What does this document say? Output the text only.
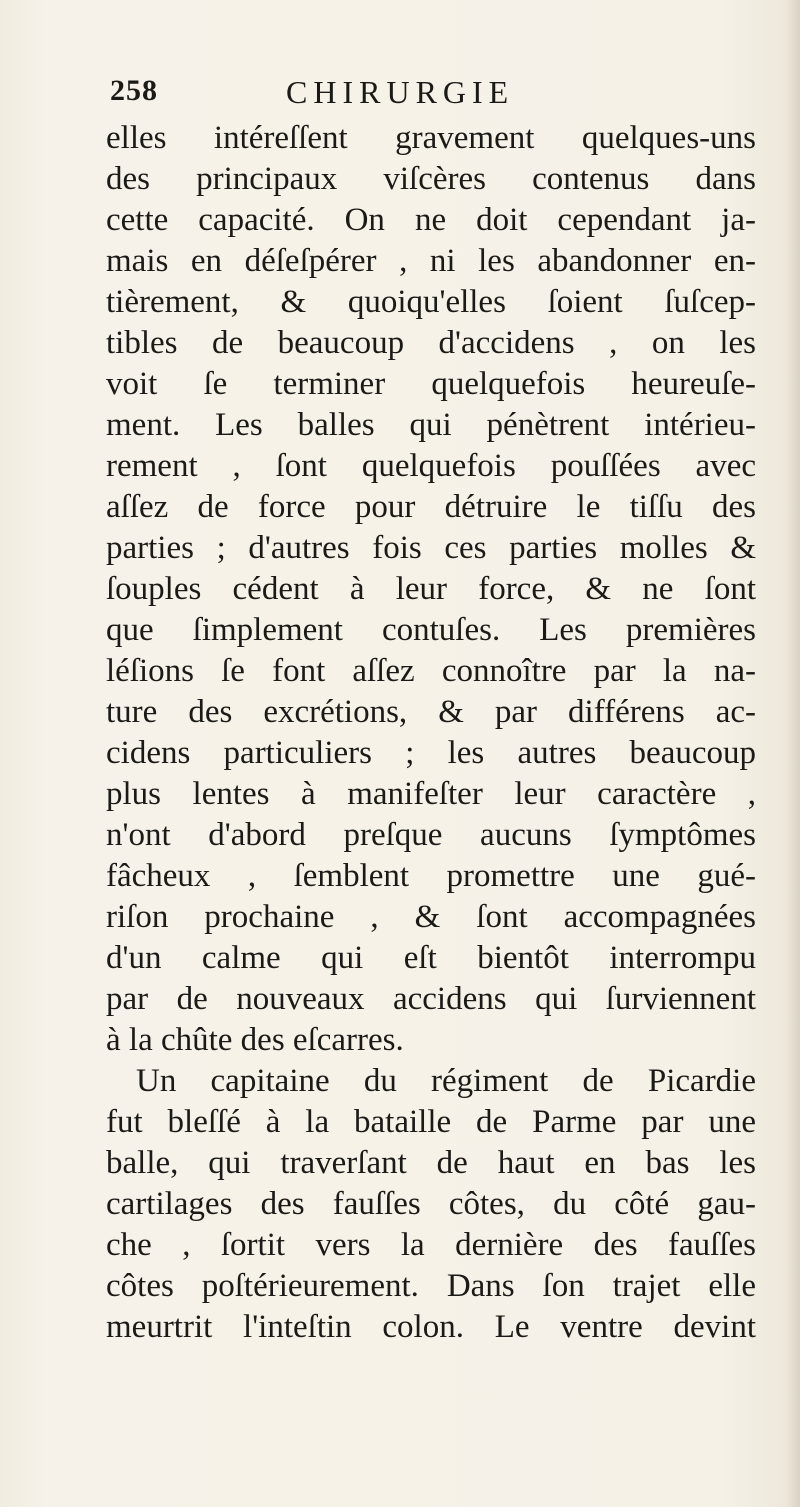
258	CHIRURGIE
elles intéreſſent gravement quelques-uns
des principaux viſcères contenus dans
cette capacité. On ne doit cependant ja-
mais en déſeſpérer , ni les abandonner en-
tièrement, & quoiqu'elles ſoient ſuſcep-
tibles de beaucoup d'accidens , on les
voit ſe terminer quelquefois heureuſe-
ment. Les balles qui pénètrent intérieu-
rement , ſont quelquefois pouſſées avec
aſſez de force pour détruire le tiſſu des
parties ; d'autres fois ces parties molles &
ſouples cédent à leur force, & ne ſont
que ſimplement contuſes. Les premières
léſions ſe font aſſez connoître par la na-
ture des excrétions, & par différens ac-
cidens particuliers ; les autres beaucoup
plus lentes à manifeſter leur caractère ,
n'ont d'abord preſque aucuns ſymptômes
fâcheux , ſemblent promettre une gué-
riſon prochaine , & ſont accompagnées
d'un calme qui eſt bientôt interrompu
par de nouveaux accidens qui ſurviennent
à la chûte des eſcarres.
Un capitaine du régiment de Picardie
fut bleſſé à la bataille de Parme par une
balle, qui traverſant de haut en bas les
cartilages des fauſſes côtes, du côté gau-
che , ſortit vers la dernière des fauſſes
côtes poſtérieurement. Dans ſon trajet elle
meurtrit l'inteſtin colon. Le ventre devint
